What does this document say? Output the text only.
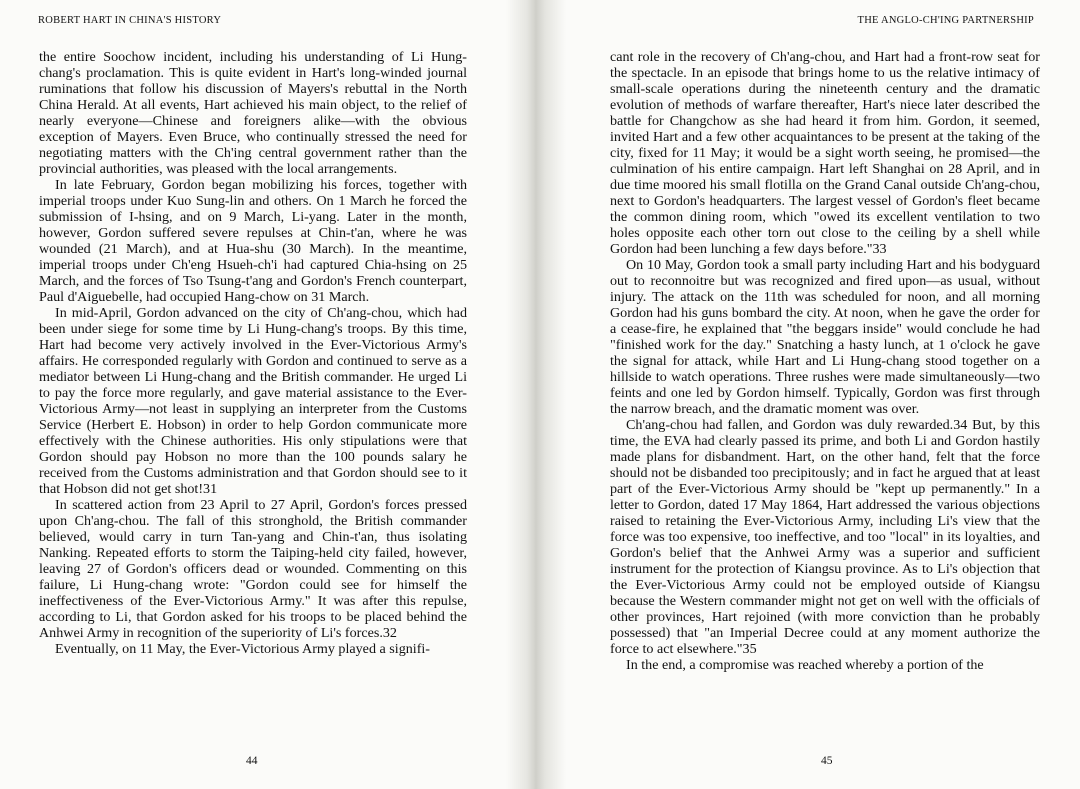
ROBERT HART IN CHINA'S HISTORY

the entire Soochow incident, including his understanding of Li Hung-chang's proclamation. This is quite evident in Hart's long-winded journal ruminations that follow his discussion of Mayers's rebuttal in the North China Herald. At all events, Hart achieved his main object, to the relief of nearly everyone—Chinese and foreigners alike—with the obvious exception of Mayers. Even Bruce, who continually stressed the need for negotiating matters with the Ch'ing central government rather than the provincial authorities, was pleased with the local arrangements.

In late February, Gordon began mobilizing his forces, together with imperial troops under Kuo Sung-lin and others. On 1 March he forced the submission of I-hsing, and on 9 March, Li-yang. Later in the month, however, Gordon suffered severe repulses at Chin-t'an, where he was wounded (21 March), and at Hua-shu (30 March). In the meantime, imperial troops under Ch'eng Hsueh-ch'i had captured Chia-hsing on 25 March, and the forces of Tso Tsung-t'ang and Gordon's French counterpart, Paul d'Aiguebelle, had occupied Hang-chow on 31 March.

In mid-April, Gordon advanced on the city of Ch'ang-chou, which had been under siege for some time by Li Hung-chang's troops. By this time, Hart had become very actively involved in the Ever-Victorious Army's affairs. He corresponded regularly with Gordon and continued to serve as a mediator between Li Hung-chang and the British commander. He urged Li to pay the force more regularly, and gave material assistance to the Ever-Victorious Army—not least in supplying an interpreter from the Customs Service (Herbert E. Hobson) in order to help Gordon communicate more effectively with the Chinese authorities. His only stipulations were that Gordon should pay Hobson no more than the 100 pounds salary he received from the Customs administration and that Gordon should see to it that Hobson did not get shot!31

In scattered action from 23 April to 27 April, Gordon's forces pressed upon Ch'ang-chou. The fall of this stronghold, the British commander believed, would carry in turn Tan-yang and Chin-t'an, thus isolating Nanking. Repeated efforts to storm the Taiping-held city failed, however, leaving 27 of Gordon's officers dead or wounded. Commenting on this failure, Li Hung-chang wrote: "Gordon could see for himself the ineffectiveness of the Ever-Victorious Army." It was after this repulse, according to Li, that Gordon asked for his troops to be placed behind the Anhwei Army in recognition of the superiority of Li's forces.32

Eventually, on 11 May, the Ever-Victorious Army played a signifi-

44
THE ANGLO-CH'ING PARTNERSHIP

cant role in the recovery of Ch'ang-chou, and Hart had a front-row seat for the spectacle. In an episode that brings home to us the relative intimacy of small-scale operations during the nineteenth century and the dramatic evolution of methods of warfare thereafter, Hart's niece later described the battle for Changchow as she had heard it from him. Gordon, it seemed, invited Hart and a few other acquaintances to be present at the taking of the city, fixed for 11 May; it would be a sight worth seeing, he promised—the culmination of his entire campaign. Hart left Shanghai on 28 April, and in due time moored his small flotilla on the Grand Canal outside Ch'ang-chou, next to Gordon's headquarters. The largest vessel of Gordon's fleet became the common dining room, which "owed its excellent ventilation to two holes opposite each other torn out close to the ceiling by a shell while Gordon had been lunching a few days before."33

On 10 May, Gordon took a small party including Hart and his bodyguard out to reconnoitre but was recognized and fired upon—as usual, without injury. The attack on the 11th was scheduled for noon, and all morning Gordon had his guns bombard the city. At noon, when he gave the order for a cease-fire, he explained that "the beggars inside" would conclude he had "finished work for the day." Snatching a hasty lunch, at 1 o'clock he gave the signal for attack, while Hart and Li Hung-chang stood together on a hillside to watch operations. Three rushes were made simultaneously—two feints and one led by Gordon himself. Typically, Gordon was first through the narrow breach, and the dramatic moment was over.

Ch'ang-chou had fallen, and Gordon was duly rewarded.34 But, by this time, the EVA had clearly passed its prime, and both Li and Gordon hastily made plans for disbandment. Hart, on the other hand, felt that the force should not be disbanded too precipitously; and in fact he argued that at least part of the Ever-Victorious Army should be "kept up permanently." In a letter to Gordon, dated 17 May 1864, Hart addressed the various objections raised to retaining the Ever-Victorious Army, including Li's view that the force was too expensive, too ineffective, and too "local" in its loyalties, and Gordon's belief that the Anhwei Army was a superior and sufficient instrument for the protection of Kiangsu province. As to Li's objection that the Ever-Victorious Army could not be employed outside of Kiangsu because the Western commander might not get on well with the officials of other provinces, Hart rejoined (with more conviction than he probably possessed) that "an Imperial Decree could at any moment authorize the force to act elsewhere."35

In the end, a compromise was reached whereby a portion of the

45
